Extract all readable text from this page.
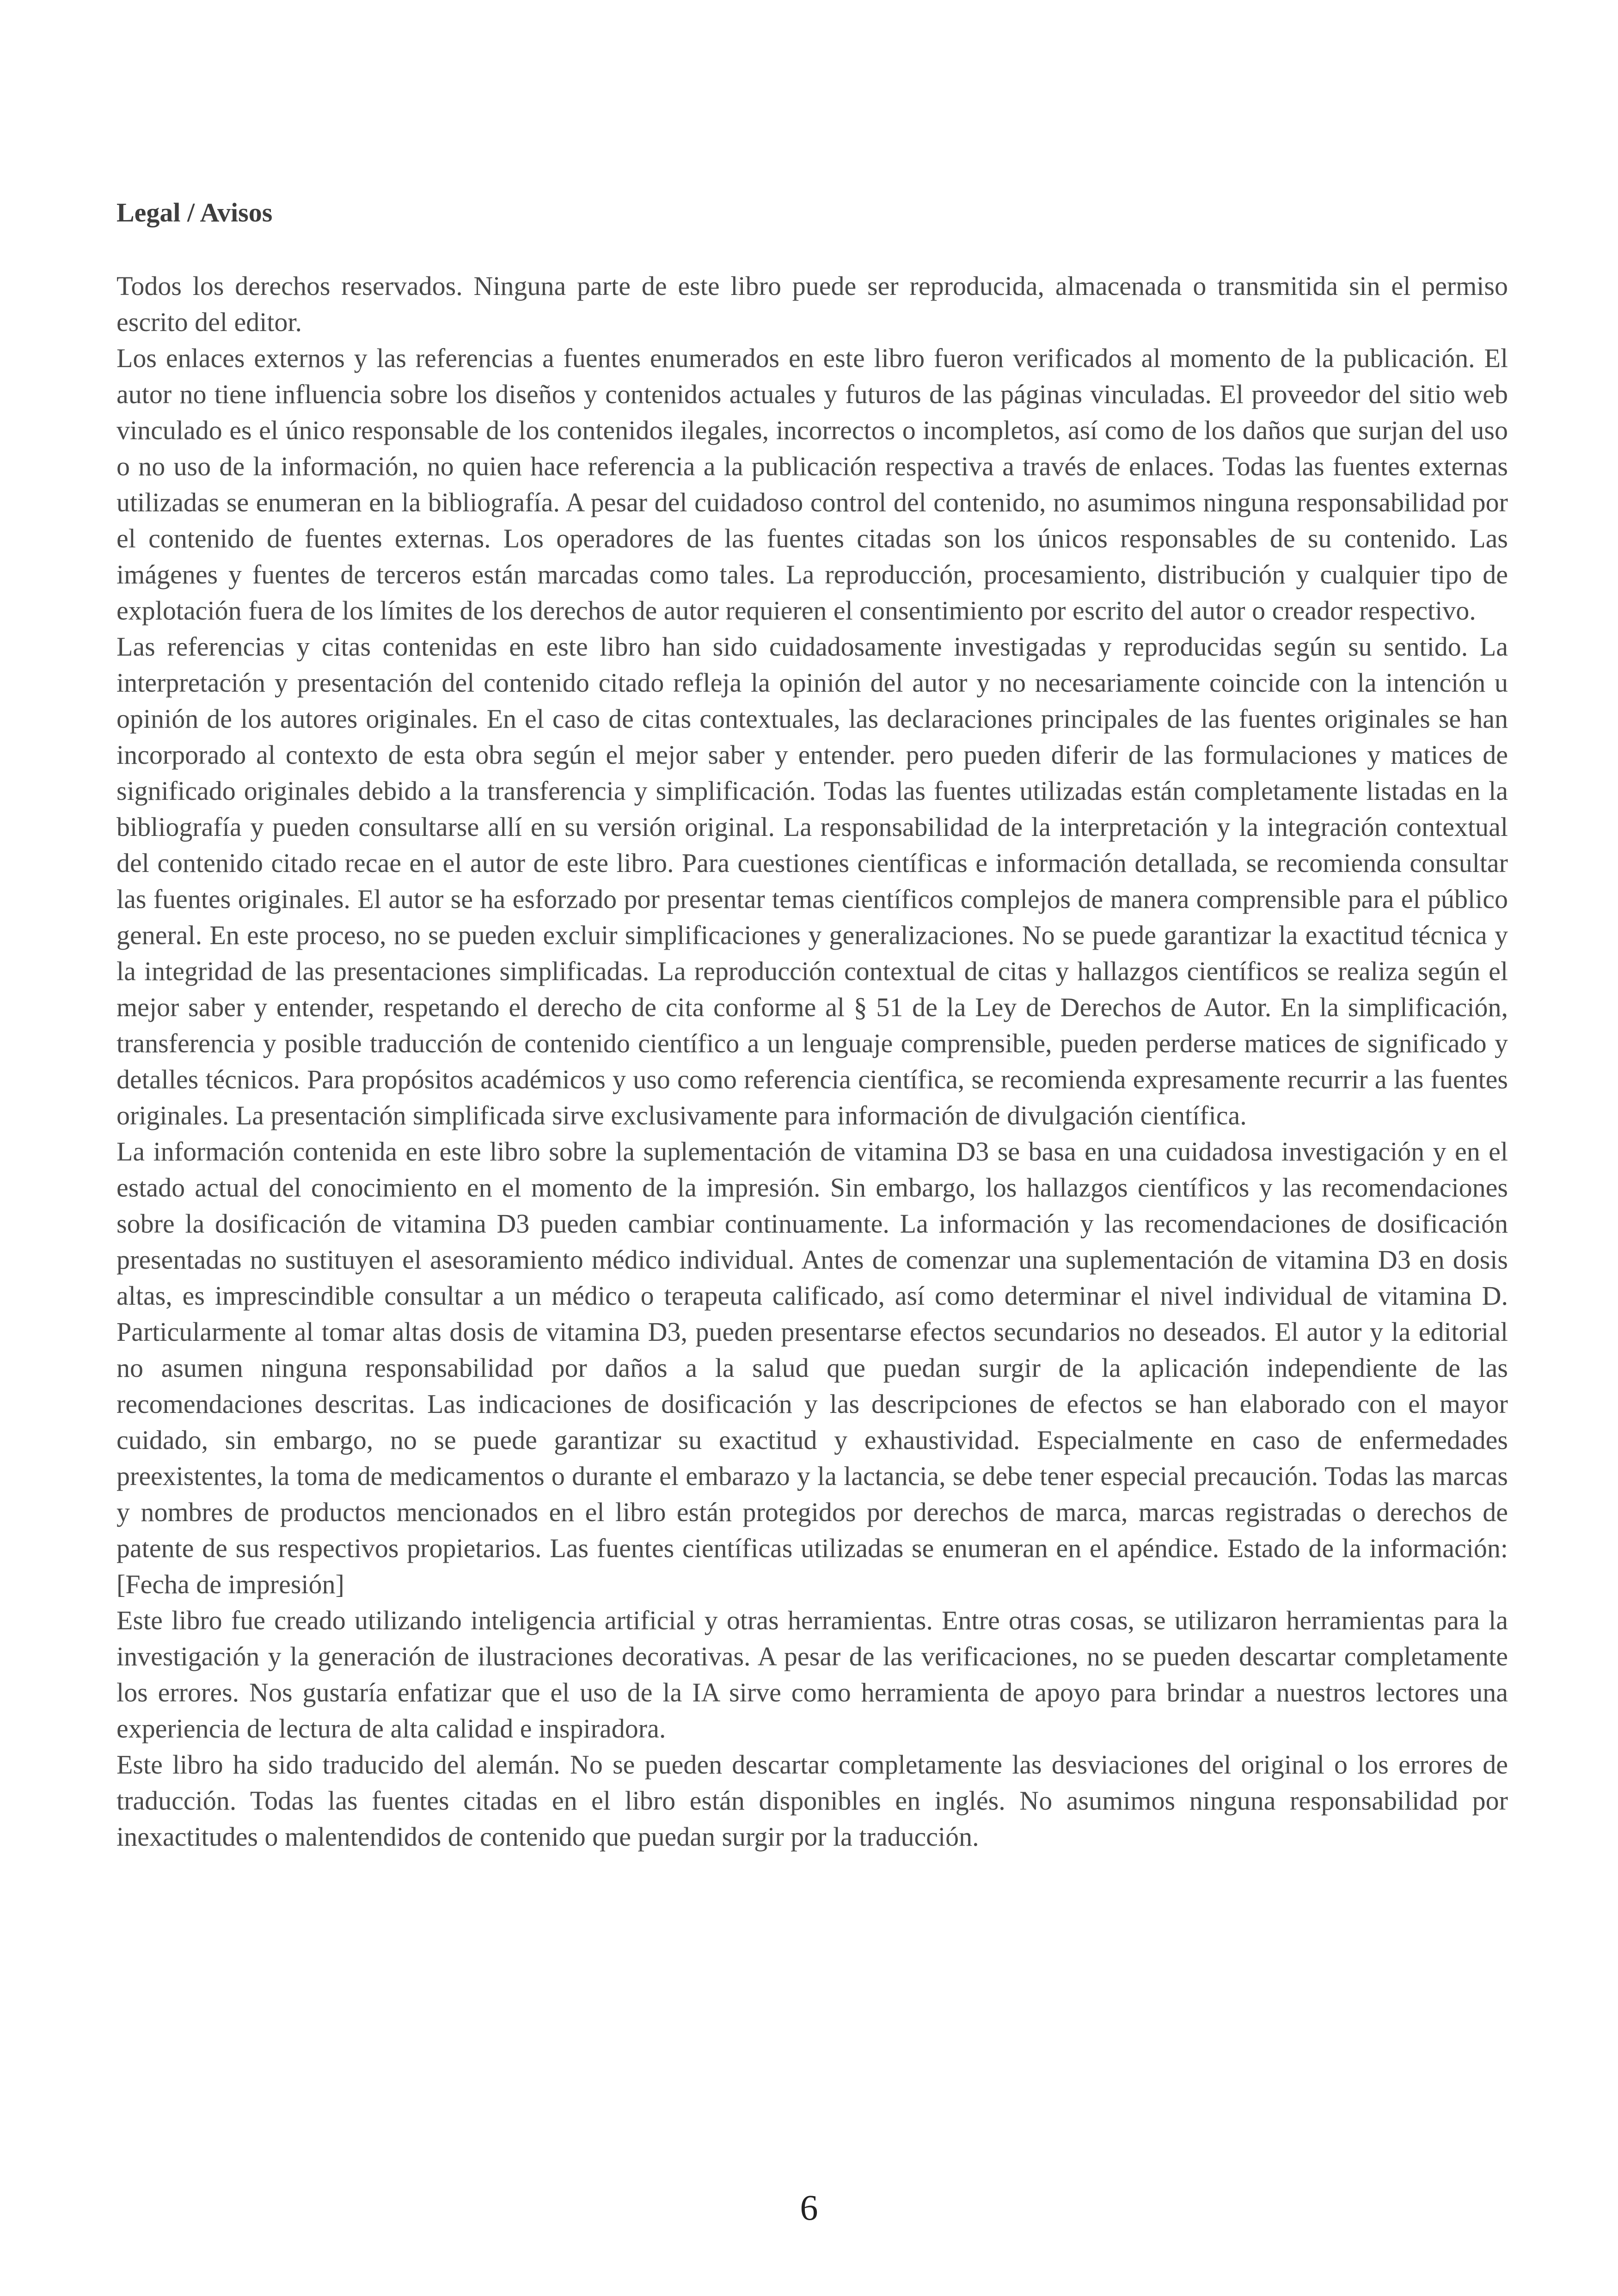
Legal / Avisos

Todos los derechos reservados. Ninguna parte de este libro puede ser reproducida, almacenada o transmitida sin el permiso escrito del editor.

Los enlaces externos y las referencias a fuentes enumerados en este libro fueron verificados al momento de la publicación. El autor no tiene influencia sobre los diseños y contenidos actuales y futuros de las páginas vinculadas. El proveedor del sitio web vinculado es el único responsable de los contenidos ilegales, incorrectos o incompletos, así como de los daños que surjan del uso o no uso de la información, no quien hace referencia a la publicación respectiva a través de enlaces. Todas las fuentes externas utilizadas se enumeran en la bibliografía. A pesar del cuidadoso control del contenido, no asumimos ninguna responsabilidad por el contenido de fuentes externas. Los operadores de las fuentes citadas son los únicos responsables de su contenido. Las imágenes y fuentes de terceros están marcadas como tales. La reproducción, procesamiento, distribución y cualquier tipo de explotación fuera de los límites de los derechos de autor requieren el consentimiento por escrito del autor o creador respectivo.

Las referencias y citas contenidas en este libro han sido cuidadosamente investigadas y reproducidas según su sentido. La interpretación y presentación del contenido citado refleja la opinión del autor y no necesariamente coincide con la intención u opinión de los autores originales. En el caso de citas contextuales, las declaraciones principales de las fuentes originales se han incorporado al contexto de esta obra según el mejor saber y entender. pero pueden diferir de las formulaciones y matices de significado originales debido a la transferencia y simplificación. Todas las fuentes utilizadas están completamente listadas en la bibliografía y pueden consultarse allí en su versión original. La responsabilidad de la interpretación y la integración contextual del contenido citado recae en el autor de este libro. Para cuestiones científicas e información detallada, se recomienda consultar las fuentes originales. El autor se ha esforzado por presentar temas científicos complejos de manera comprensible para el público general. En este proceso, no se pueden excluir simplificaciones y generalizaciones. No se puede garantizar la exactitud técnica y la integridad de las presentaciones simplificadas. La reproducción contextual de citas y hallazgos científicos se realiza según el mejor saber y entender, respetando el derecho de cita conforme al § 51 de la Ley de Derechos de Autor. En la simplificación, transferencia y posible traducción de contenido científico a un lenguaje comprensible, pueden perderse matices de significado y detalles técnicos. Para propósitos académicos y uso como referencia científica, se recomienda expresamente recurrir a las fuentes originales. La presentación simplificada sirve exclusivamente para información de divulgación científica.

La información contenida en este libro sobre la suplementación de vitamina D3 se basa en una cuidadosa investigación y en el estado actual del conocimiento en el momento de la impresión. Sin embargo, los hallazgos científicos y las recomendaciones sobre la dosificación de vitamina D3 pueden cambiar continuamente. La información y las recomendaciones de dosificación presentadas no sustituyen el asesoramiento médico individual. Antes de comenzar una suplementación de vitamina D3 en dosis altas, es imprescindible consultar a un médico o terapeuta calificado, así como determinar el nivel individual de vitamina D. Particularmente al tomar altas dosis de vitamina D3, pueden presentarse efectos secundarios no deseados. El autor y la editorial no asumen ninguna responsabilidad por daños a la salud que puedan surgir de la aplicación independiente de las recomendaciones descritas. Las indicaciones de dosificación y las descripciones de efectos se han elaborado con el mayor cuidado, sin embargo, no se puede garantizar su exactitud y exhaustividad. Especialmente en caso de enfermedades preexistentes, la toma de medicamentos o durante el embarazo y la lactancia, se debe tener especial precaución. Todas las marcas y nombres de productos mencionados en el libro están protegidos por derechos de marca, marcas registradas o derechos de patente de sus respectivos propietarios. Las fuentes científicas utilizadas se enumeran en el apéndice. Estado de la información: [Fecha de impresión]

Este libro fue creado utilizando inteligencia artificial y otras herramientas. Entre otras cosas, se utilizaron herramientas para la investigación y la generación de ilustraciones decorativas. A pesar de las verificaciones, no se pueden descartar completamente los errores. Nos gustaría enfatizar que el uso de la IA sirve como herramienta de apoyo para brindar a nuestros lectores una experiencia de lectura de alta calidad e inspiradora.

Este libro ha sido traducido del alemán. No se pueden descartar completamente las desviaciones del original o los errores de traducción. Todas las fuentes citadas en el libro están disponibles en inglés. No asumimos ninguna responsabilidad por inexactitudes o malentendidos de contenido que puedan surgir por la traducción.

6
